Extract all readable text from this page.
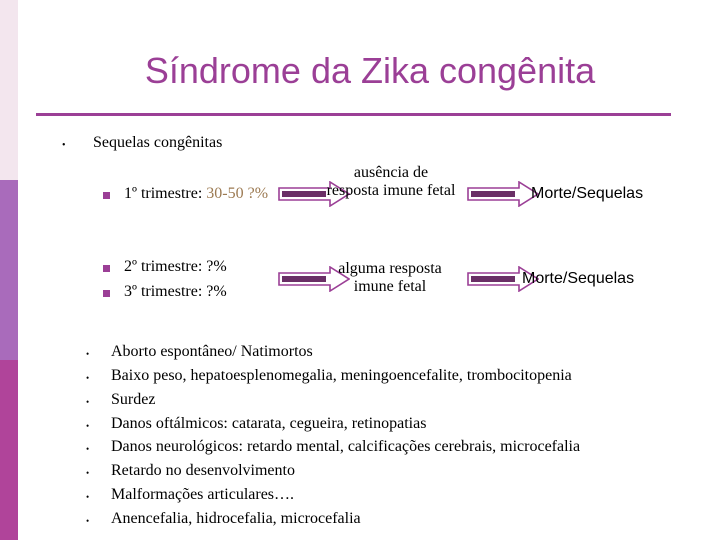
Síndrome da Zika congênita
• Sequelas congênitas
1º trimestre: 30-50 ?%
2º trimestre: ?%
3º trimestre: ?%
ausência de resposta imune fetal
alguma resposta imune fetal
Morte/Sequelas
Morte/Sequelas
• Aborto espontâneo/ Natimortos
• Baixo peso, hepatoesplenomegalia, meningoencefalite, trombocitopenia
• Surdez
• Danos oftálmicos: catarata, cegueira, retinopatias
• Danos neurológicos: retardo mental, calcificações cerebrais, microcefalia
• Retardo no desenvolvimento
• Malformações articulares….
• Anencefalia, hidrocefalia, microcefalia
